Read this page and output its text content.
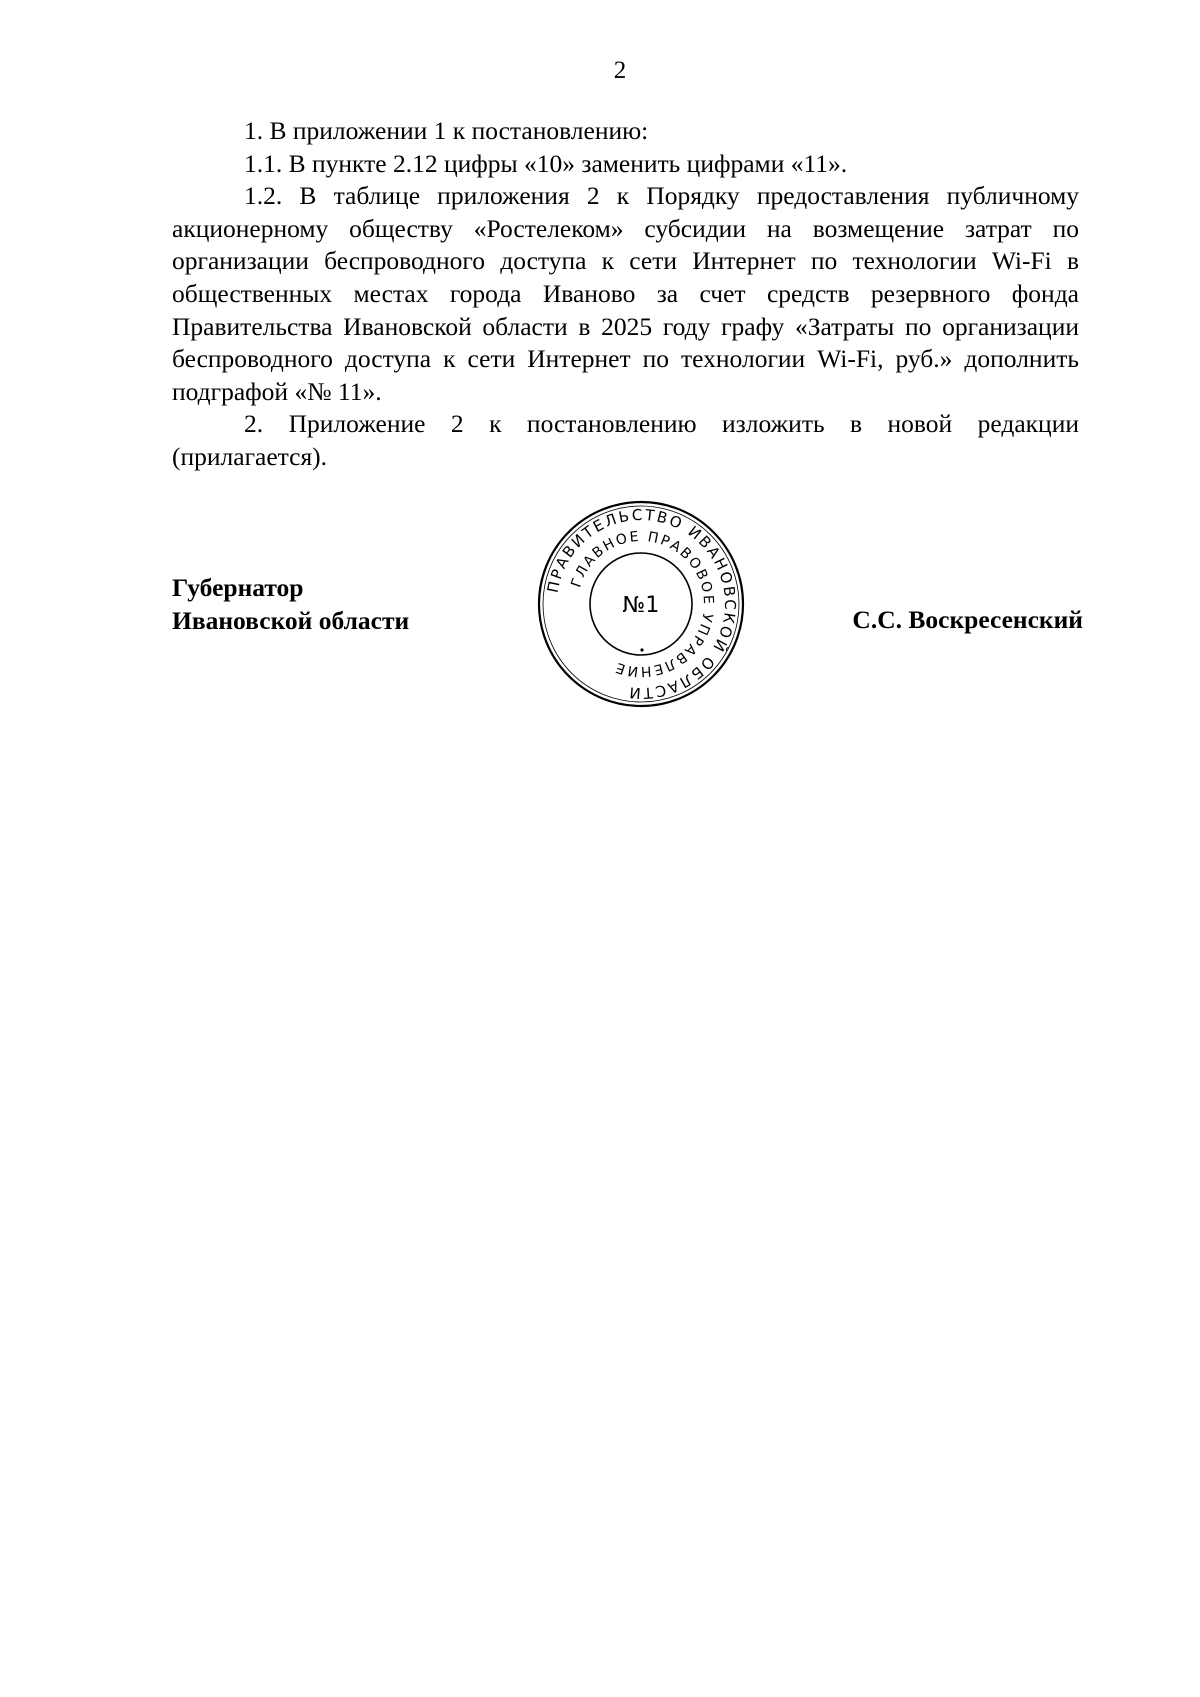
2

1. В приложении 1 к постановлению:

1.1. В пункте 2.12 цифры «10» заменить цифрами «11».

1.2. В таблице приложения 2 к Порядку предоставления публичному акционерному обществу «Ростелеком» субсидии на возмещение затрат по организации беспроводного доступа к сети Интернет по технологии Wi-Fi в общественных местах города Иваново за счет средств резервного фонда Правительства Ивановской области в 2025 году графу «Затраты по организации беспроводного доступа к сети Интернет по технологии Wi-Fi, руб.» дополнить подграфой «№ 11».

2. Приложение 2 к постановлению изложить в новой редакции (прилагается).

Губернатор
Ивановской области	С.С. Воскресенский
ПРАВИТЕЛЬСТВО ИВАНОВСКОЙ ОБЛАСТИ
ГЛАВНОЕ ПРАВОВОЕ УПРАВЛЕНИЕ
№1
